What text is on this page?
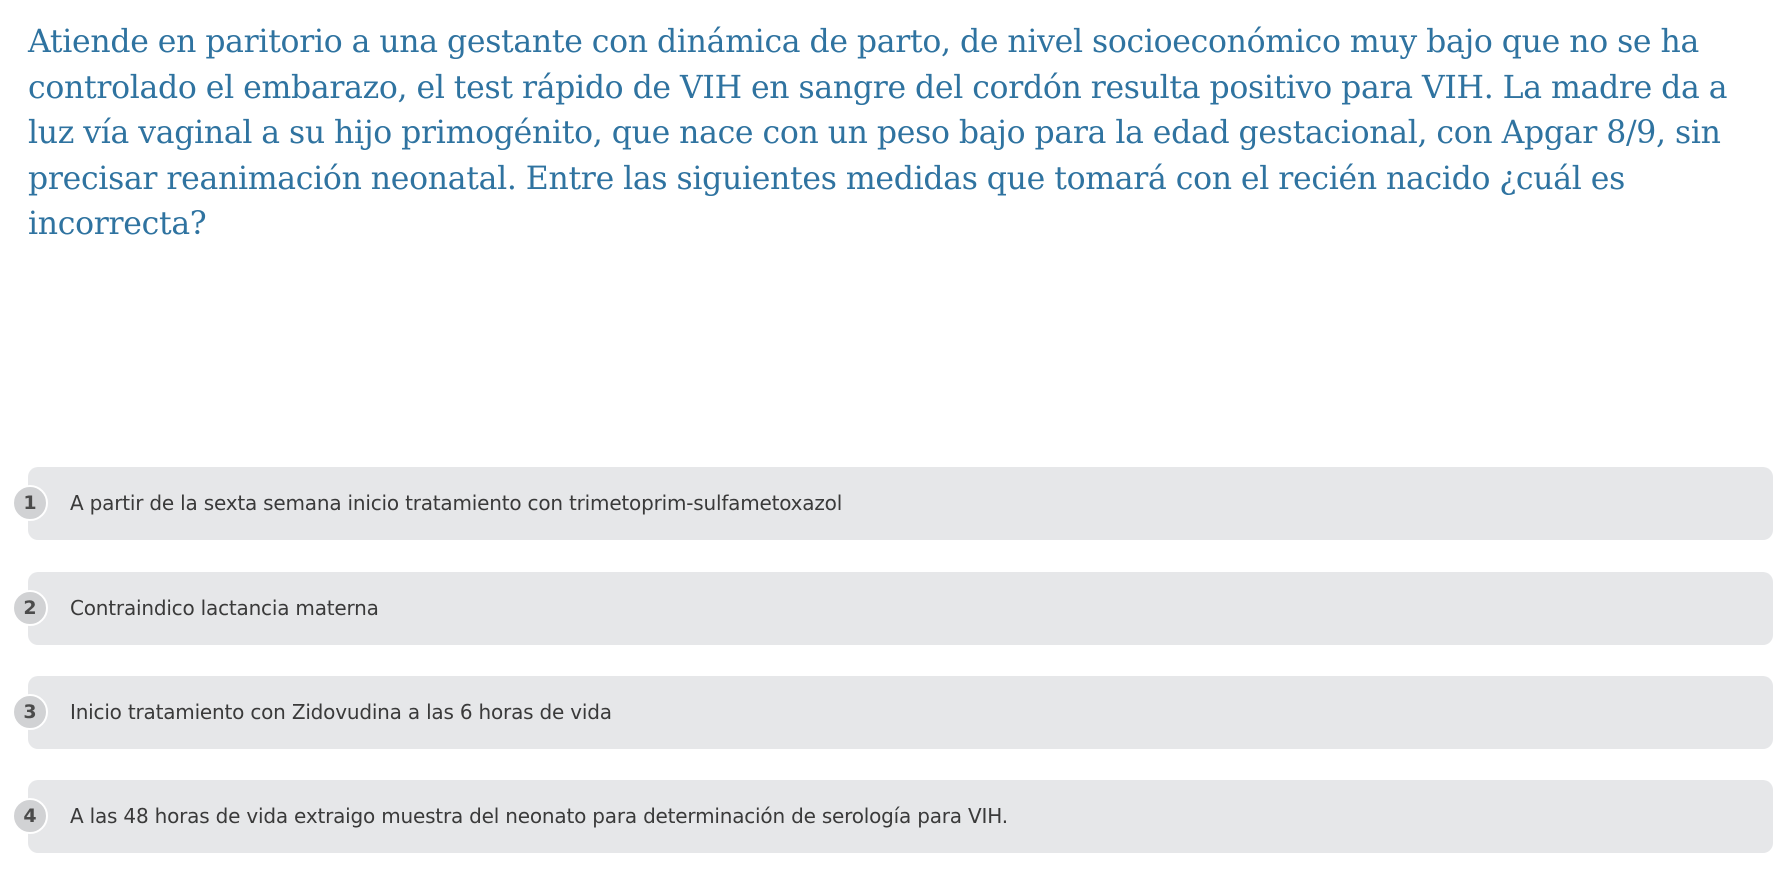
Atiende en paritorio a una gestante con dinámica de parto, de nivel socioeconómico muy bajo que no se ha controlado el embarazo, el test rápido de VIH en sangre del cordón resulta positivo para VIH. La madre da a luz vía vaginal a su hijo primogénito, que nace con un peso bajo para la edad gestacional, con Apgar 8/9, sin precisar reanimación neonatal. Entre las siguientes medidas que tomará con el recién nacido ¿cuál es incorrecta?

1	A partir de la sexta semana inicio tratamiento con trimetoprim-sulfametoxazol
2	Contraindico lactancia materna
3	Inicio tratamiento con Zidovudina a las 6 horas de vida
4	A las 48 horas de vida extraigo muestra del neonato para determinación de serología para VIH.
